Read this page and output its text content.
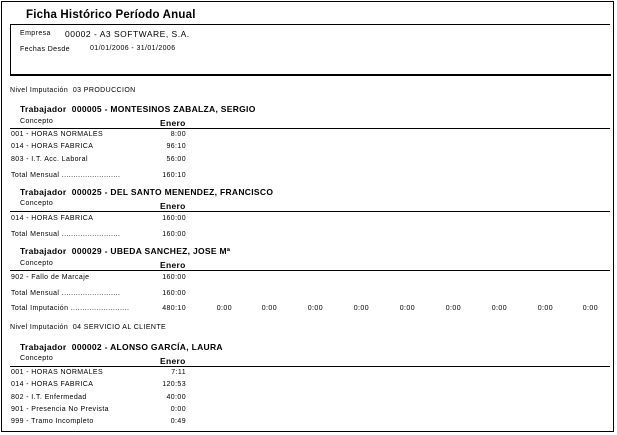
Ficha Histórico Período Anual
Empresa 00002 - A3 SOFTWARE, S.A.
Fechas Desde	01/01/2006 - 31/01/2006
Nivel Imputación 03 PRODUCCION
Trabajador 000005 - MONTESINOS ZABALZA, SERGIO
Concepto	Enero
001 - HORAS NORMALES	8:00
014 - HORAS FABRICA	96:10
803 - I.T. Acc. Laboral	56:00
Total Mensual .........................	160:10
Trabajador 000025 - DEL SANTO MENENDEZ, FRANCISCO
Concepto	Enero
014 - HORAS FABRICA	160:00
Total Mensual .........................	160:00
Trabajador 000029 - UBEDA SANCHEZ, JOSE Mª
Concepto	Enero
902 - Fallo de Marcaje	160:00
Total Mensual .........................	160:00
Total Imputación .........................	480:10	0:00	0:00	0:00	0:00	0:00	0:00	0:00	0:00	0:00
Nivel Imputación 04 SERVICIO AL CLIENTE
Trabajador 000002 - ALONSO GARCÍA, LAURA
Concepto	Enero
001 - HORAS NORMALES	7:11
014 - HORAS FABRICA	120:53
802 - I.T. Enfermedad	40:00
901 - Presencia No Prevista	0:00
999 - Tramo Incompleto	0:49
